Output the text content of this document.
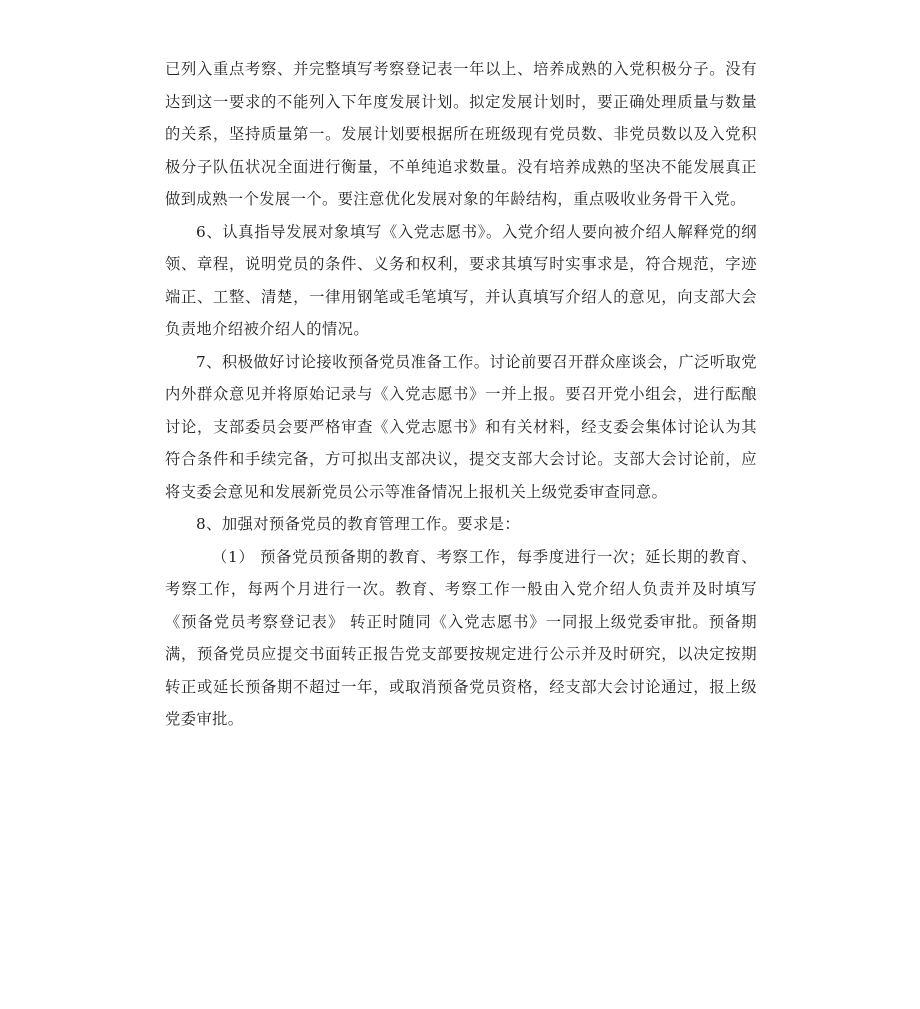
已列入重点考察、并完整填写考察登记表一年以上、培养成熟的入党积极分子。没有达到这一要求的不能列入下年度发展计划。拟定发展计划时，要正确处理质量与数量的关系，坚持质量第一。发展计划要根据所在班级现有党员数、非党员数以及入党积极分子队伍状况全面进行衡量，不单纯追求数量。没有培养成熟的坚决不能发展真正做到成熟一个发展一个。要注意优化发展对象的年龄结构，重点吸收业务骨干入党。

6、认真指导发展对象填写《入党志愿书》。入党介绍人要向被介绍人解释党的纲领、章程，说明党员的条件、义务和权利，要求其填写时实事求是，符合规范，字迹端正、工整、清楚，一律用钢笔或毛笔填写，并认真填写介绍人的意见，向支部大会负责地介绍被介绍人的情况。

7、积极做好讨论接收预备党员准备工作。讨论前要召开群众座谈会，广泛听取党内外群众意见并将原始记录与《入党志愿书》一并上报。要召开党小组会，进行酝酿讨论，支部委员会要严格审查《入党志愿书》和有关材料，经支委会集体讨论认为其符合条件和手续完备，方可拟出支部决议，提交支部大会讨论。支部大会讨论前，应将支委会意见和发展新党员公示等准备情况上报机关上级党委审查同意。

8、加强对预备党员的教育管理工作。要求是：

（1） 预备党员预备期的教育、考察工作，每季度进行一次；延长期的教育、考察工作，每两个月进行一次。教育、考察工作一般由入党介绍人负责并及时填写《预备党员考察登记表》 转正时随同《入党志愿书》一同报上级党委审批。预备期满，预备党员应提交书面转正报告党支部要按规定进行公示并及时研究，以决定按期转正或延长预备期不超过一年，或取消预备党员资格，经支部大会讨论通过，报上级党委审批。
